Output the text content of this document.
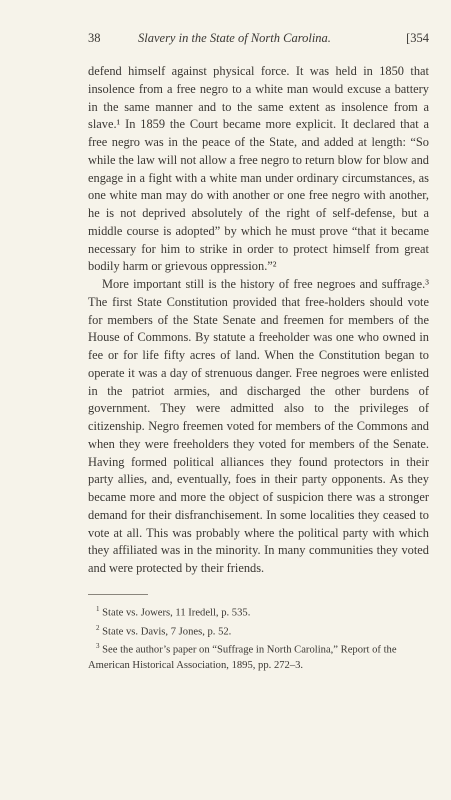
38	Slavery in the State of North Carolina.	[354

defend himself against physical force. It was held in 1850 that insolence from a free negro to a white man would excuse a battery in the same manner and to the same extent as insolence from a slave.¹ In 1859 the Court became more explicit. It declared that a free negro was in the peace of the State, and added at length: “So while the law will not allow a free negro to return blow for blow and engage in a fight with a white man under ordinary circumstances, as one white man may do with another or one free negro with another, he is not deprived absolutely of the right of self-defense, but a middle course is adopted” by which he must prove “that it became necessary for him to strike in order to protect himself from great bodily harm or grievous oppression.”²

More important still is the history of free negroes and suffrage.³ The first State Constitution provided that free-holders should vote for members of the State Senate and freemen for members of the House of Commons. By statute a freeholder was one who owned in fee or for life fifty acres of land. When the Constitution began to operate it was a day of strenuous danger. Free negroes were enlisted in the patriot armies, and discharged the other burdens of government. They were admitted also to the privileges of citizenship. Negro freemen voted for members of the Commons and when they were freeholders they voted for members of the Senate. Having formed political alliances they found protectors in their party allies, and, eventually, foes in their party opponents. As they became more and more the object of suspicion there was a stronger demand for their disfranchisement. In some localities they ceased to vote at all. This was probably where the political party with which they affiliated was in the minority. In many communities they voted and were protected by their friends.

$^1$ State vs. Jowers, 11 Iredell, p. 535.

$^2$ State vs. Davis, 7 Jones, p. 52.

$^3$ See the author’s paper on “Suffrage in North Carolina,” Report of the American Historical Association, 1895, pp. 272–3.
